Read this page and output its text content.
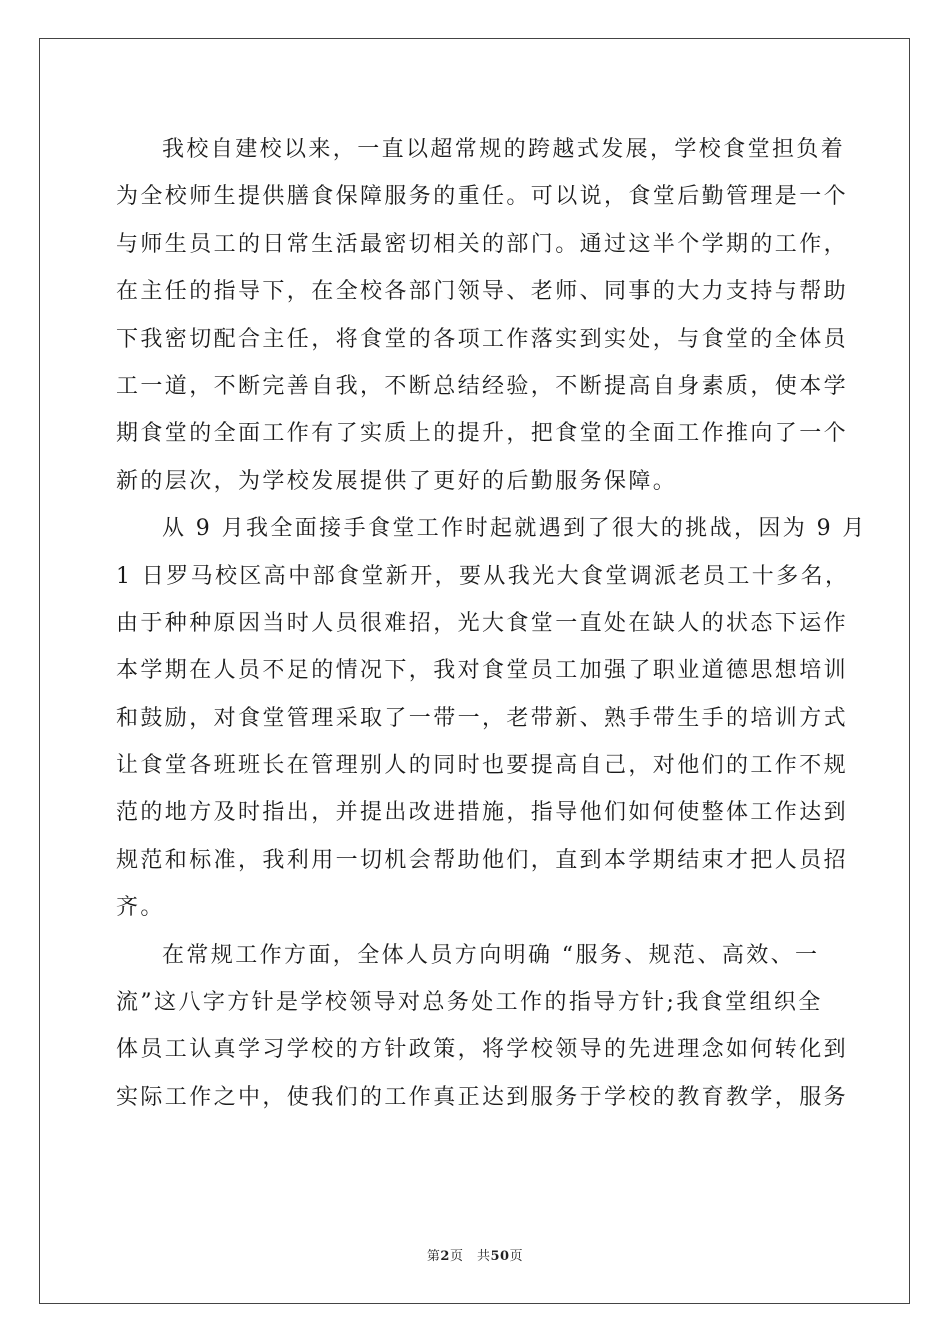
我校自建校以来，一直以超常规的跨越式发展，学校食堂担负着
为全校师生提供膳食保障服务的重任。可以说，食堂后勤管理是一个
与师生员工的日常生活最密切相关的部门。通过这半个学期的工作，
在主任的指导下，在全校各部门领导、老师、同事的大力支持与帮助
下我密切配合主任，将食堂的各项工作落实到实处，与食堂的全体员
工一道，不断完善自我，不断总结经验，不断提高自身素质，使本学
期食堂的全面工作有了实质上的提升，把食堂的全面工作推向了一个
新的层次，为学校发展提供了更好的后勤服务保障。
从 9 月我全面接手食堂工作时起就遇到了很大的挑战，因为 9 月
1 日罗马校区高中部食堂新开，要从我光大食堂调派老员工十多名，
由于种种原因当时人员很难招，光大食堂一直处在缺人的状态下运作
本学期在人员不足的情况下，我对食堂员工加强了职业道德思想培训
和鼓励，对食堂管理采取了一带一，老带新、熟手带生手的培训方式
让食堂各班班长在管理别人的同时也要提高自己，对他们的工作不规
范的地方及时指出，并提出改进措施，指导他们如何使整体工作达到
规范和标准，我利用一切机会帮助他们，直到本学期结束才把人员招
齐。
在常规工作方面，全体人员方向明确 “服务、规范、高效、一
流”这八字方针是学校领导对总务处工作的指导方针;我食堂组织全
体员工认真学习学校的方针政策，将学校领导的先进理念如何转化到
实际工作之中，使我们的工作真正达到服务于学校的教育教学，服务
第2页　共50页
